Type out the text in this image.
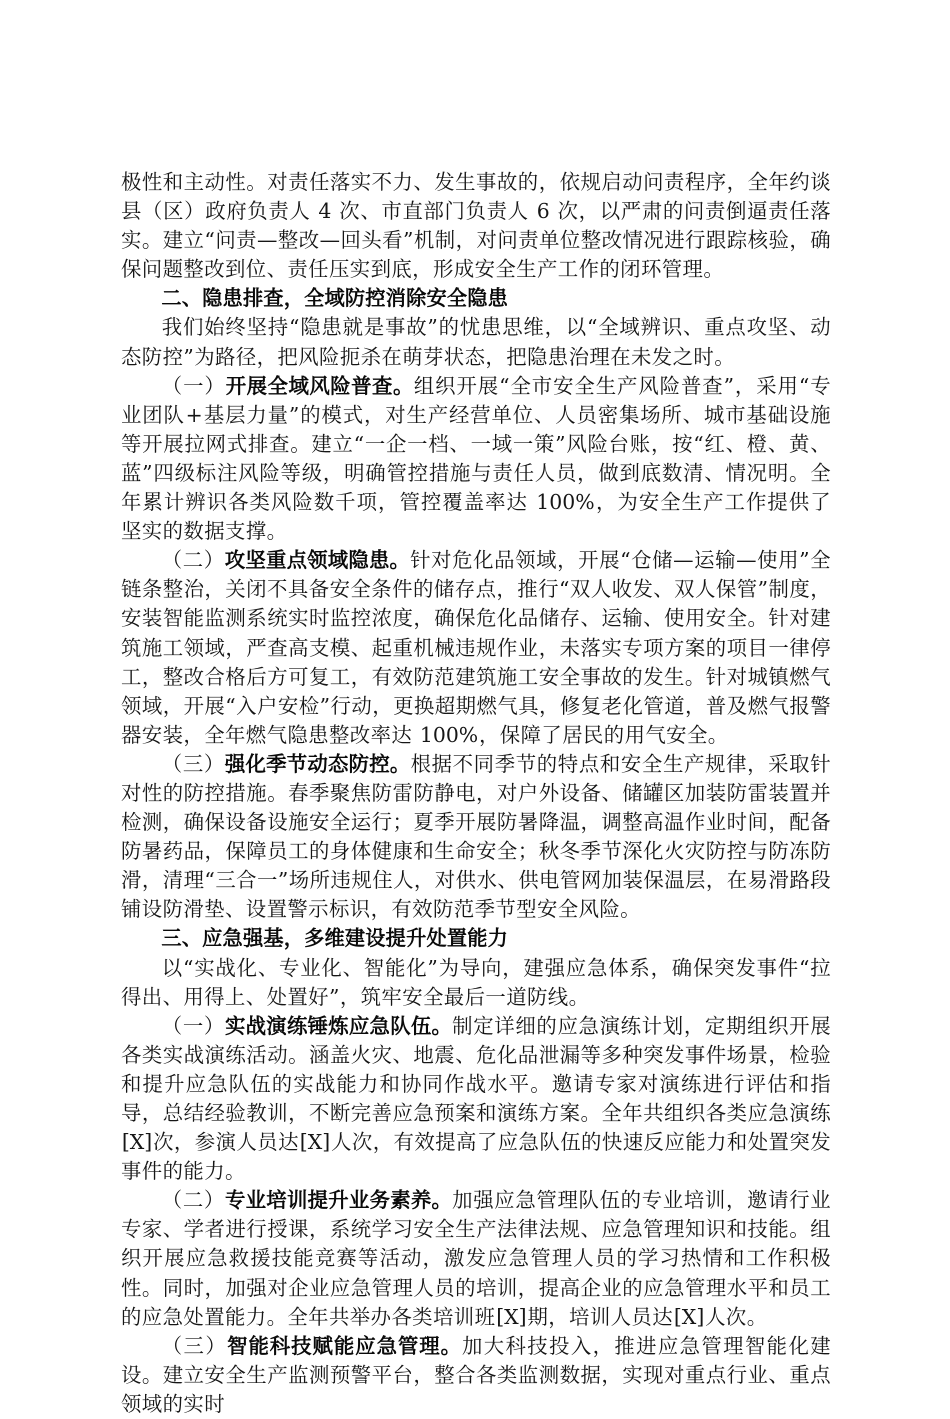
极性和主动性。对责任落实不力、发生事故的，依规启动问责程序，全年约谈县（区）政府负责人 4 次、市直部门负责人 6 次，以严肃的问责倒逼责任落实。建立“问责—整改—回头看”机制，对问责单位整改情况进行跟踪核验，确保问题整改到位、责任压实到底，形成安全生产工作的闭环管理。

二、隐患排查，全域防控消除安全隐患

我们始终坚持“隐患就是事故”的忧患思维，以“全域辨识、重点攻坚、动态防控”为路径，把风险扼杀在萌芽状态，把隐患治理在未发之时。

（一）开展全域风险普查。组织开展“全市安全生产风险普查”，采用“专业团队+基层力量”的模式，对生产经营单位、人员密集场所、城市基础设施等开展拉网式排查。建立“一企一档、一域一策”风险台账，按“红、橙、黄、蓝”四级标注风险等级，明确管控措施与责任人员，做到底数清、情况明。全年累计辨识各类风险数千项，管控覆盖率达 100%，为安全生产工作提供了坚实的数据支撑。

（二）攻坚重点领域隐患。针对危化品领域，开展“仓储—运输—使用”全链条整治，关闭不具备安全条件的储存点，推行“双人收发、双人保管”制度，安装智能监测系统实时监控浓度，确保危化品储存、运输、使用安全。针对建筑施工领域，严查高支模、起重机械违规作业，未落实专项方案的项目一律停工，整改合格后方可复工，有效防范建筑施工安全事故的发生。针对城镇燃气领域，开展“入户安检”行动，更换超期燃气具，修复老化管道，普及燃气报警器安装，全年燃气隐患整改率达 100%，保障了居民的用气安全。

（三）强化季节动态防控。根据不同季节的特点和安全生产规律，采取针对性的防控措施。春季聚焦防雷防静电，对户外设备、储罐区加装防雷装置并检测，确保设备设施安全运行；夏季开展防暑降温，调整高温作业时间，配备防暑药品，保障员工的身体健康和生命安全；秋冬季节深化火灾防控与防冻防滑，清理“三合一”场所违规住人，对供水、供电管网加装保温层，在易滑路段铺设防滑垫、设置警示标识，有效防范季节型安全风险。

三、应急强基，多维建设提升处置能力

以“实战化、专业化、智能化”为导向，建强应急体系，确保突发事件“拉得出、用得上、处置好”，筑牢安全最后一道防线。

（一）实战演练锤炼应急队伍。制定详细的应急演练计划，定期组织开展各类实战演练活动。涵盖火灾、地震、危化品泄漏等多种突发事件场景，检验和提升应急队伍的实战能力和协同作战水平。邀请专家对演练进行评估和指导，总结经验教训，不断完善应急预案和演练方案。全年共组织各类应急演练[X]次，参演人员达[X]人次，有效提高了应急队伍的快速反应能力和处置突发事件的能力。

（二）专业培训提升业务素养。加强应急管理队伍的专业培训，邀请行业专家、学者进行授课，系统学习安全生产法律法规、应急管理知识和技能。组织开展应急救援技能竞赛等活动，激发应急管理人员的学习热情和工作积极性。同时，加强对企业应急管理人员的培训，提高企业的应急管理水平和员工的应急处置能力。全年共举办各类培训班[X]期，培训人员达[X]人次。

（三）智能科技赋能应急管理。加大科技投入，推进应急管理智能化建设。建立安全生产监测预警平台，整合各类监测数据，实现对重点行业、重点领域的实时
